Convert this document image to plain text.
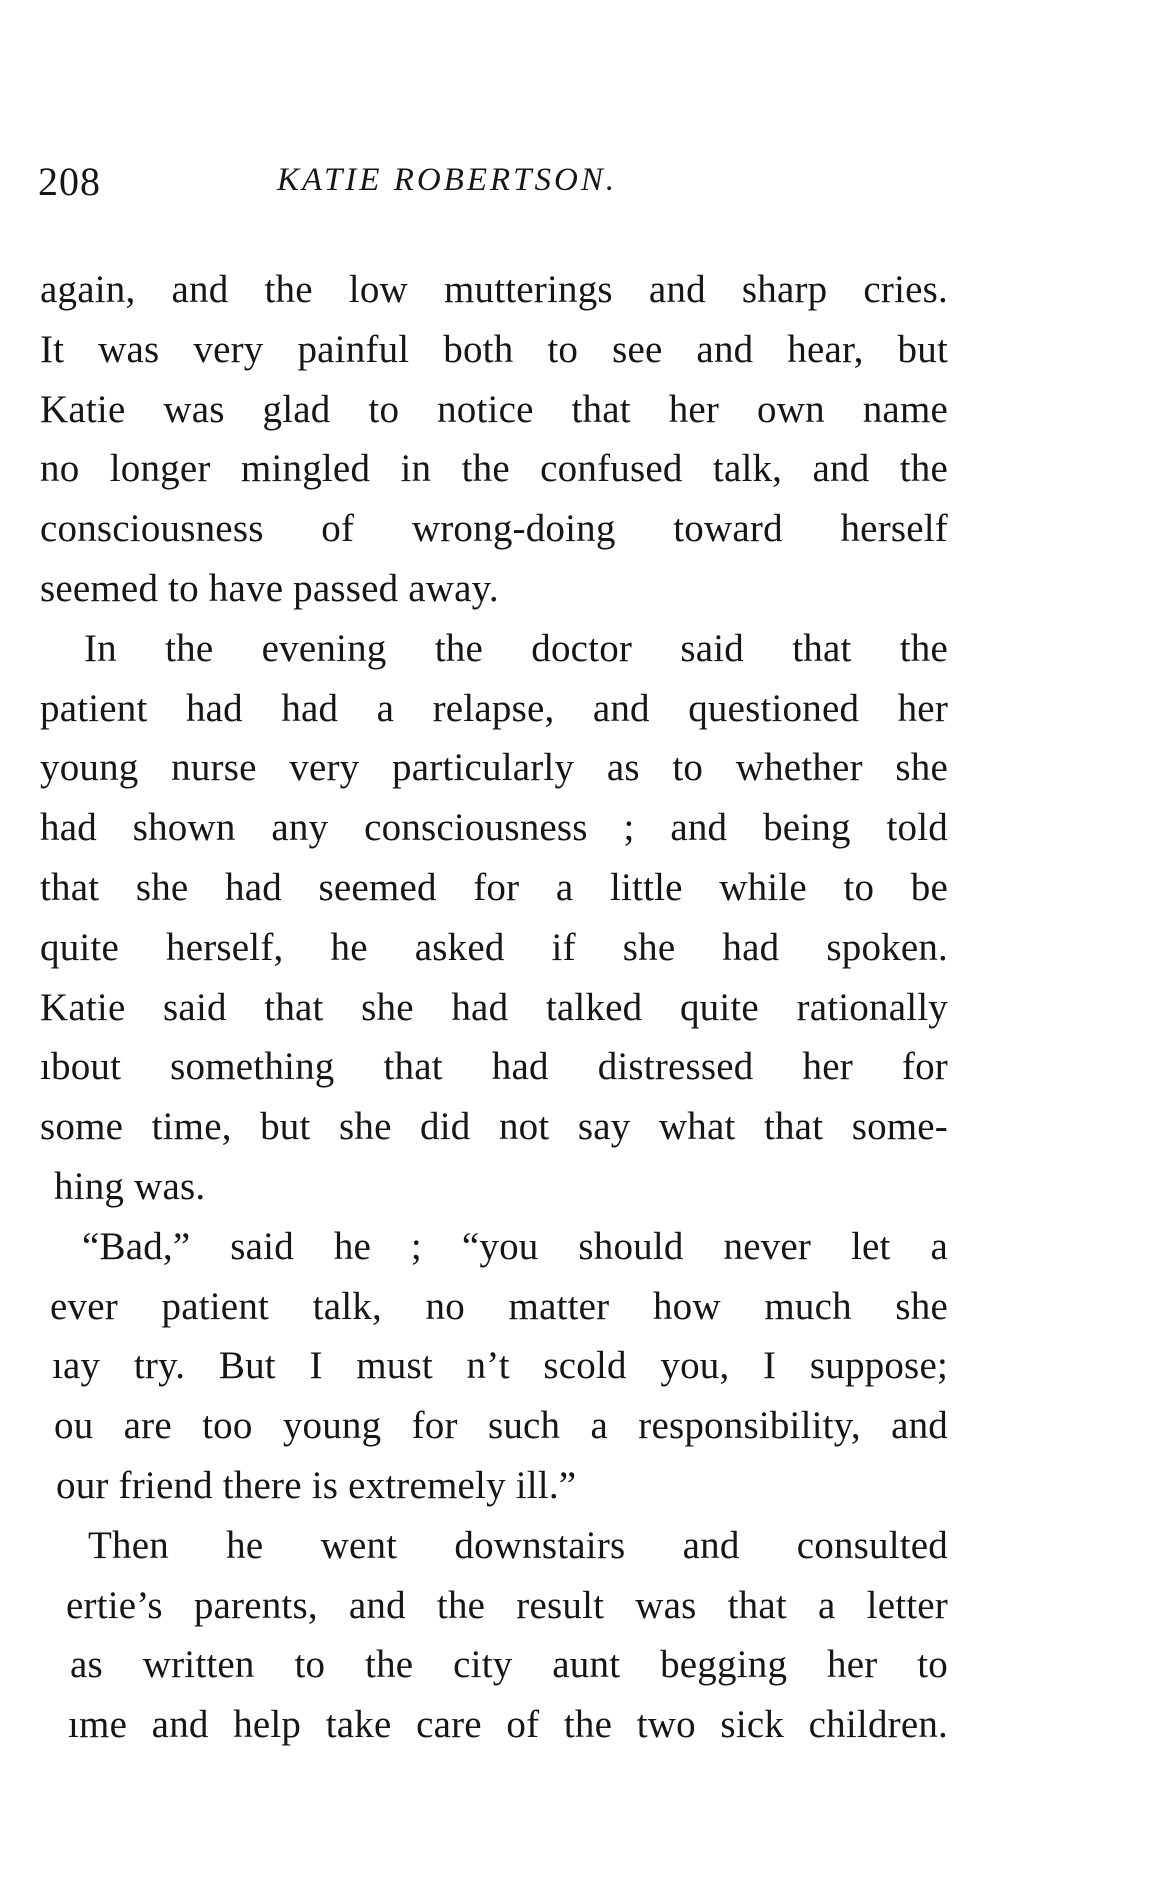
208	KATIE ROBERTSON.
again, and the low mutterings and sharp cries.
It was very painful both to see and hear, but
Katie was glad to notice that her own name
no longer mingled in the confused talk, and the
consciousness of wrong-doing toward herself
seemed to have passed away.
In the evening the doctor said that the
patient had had a relapse, and questioned her
young nurse very particularly as to whether she
had shown any consciousness ; and being told
that she had seemed for a little while to be
quite herself, he asked if she had spoken.
Katie said that she had talked quite rationally
ıbout something that had distressed her for
some time, but she did not say what that some-
hing was.
“Bad,” said he ; “you should never let a
ever patient talk, no matter how much she
ıay try. But I must n’t scold you, I suppose;
ou are too young for such a responsibility, and
our friend there is extremely ill.”
Then he went downstairs and consulted
ertie’s parents, and the result was that a letter
as written to the city aunt begging her to
ıme and help take care of the two sick children.
